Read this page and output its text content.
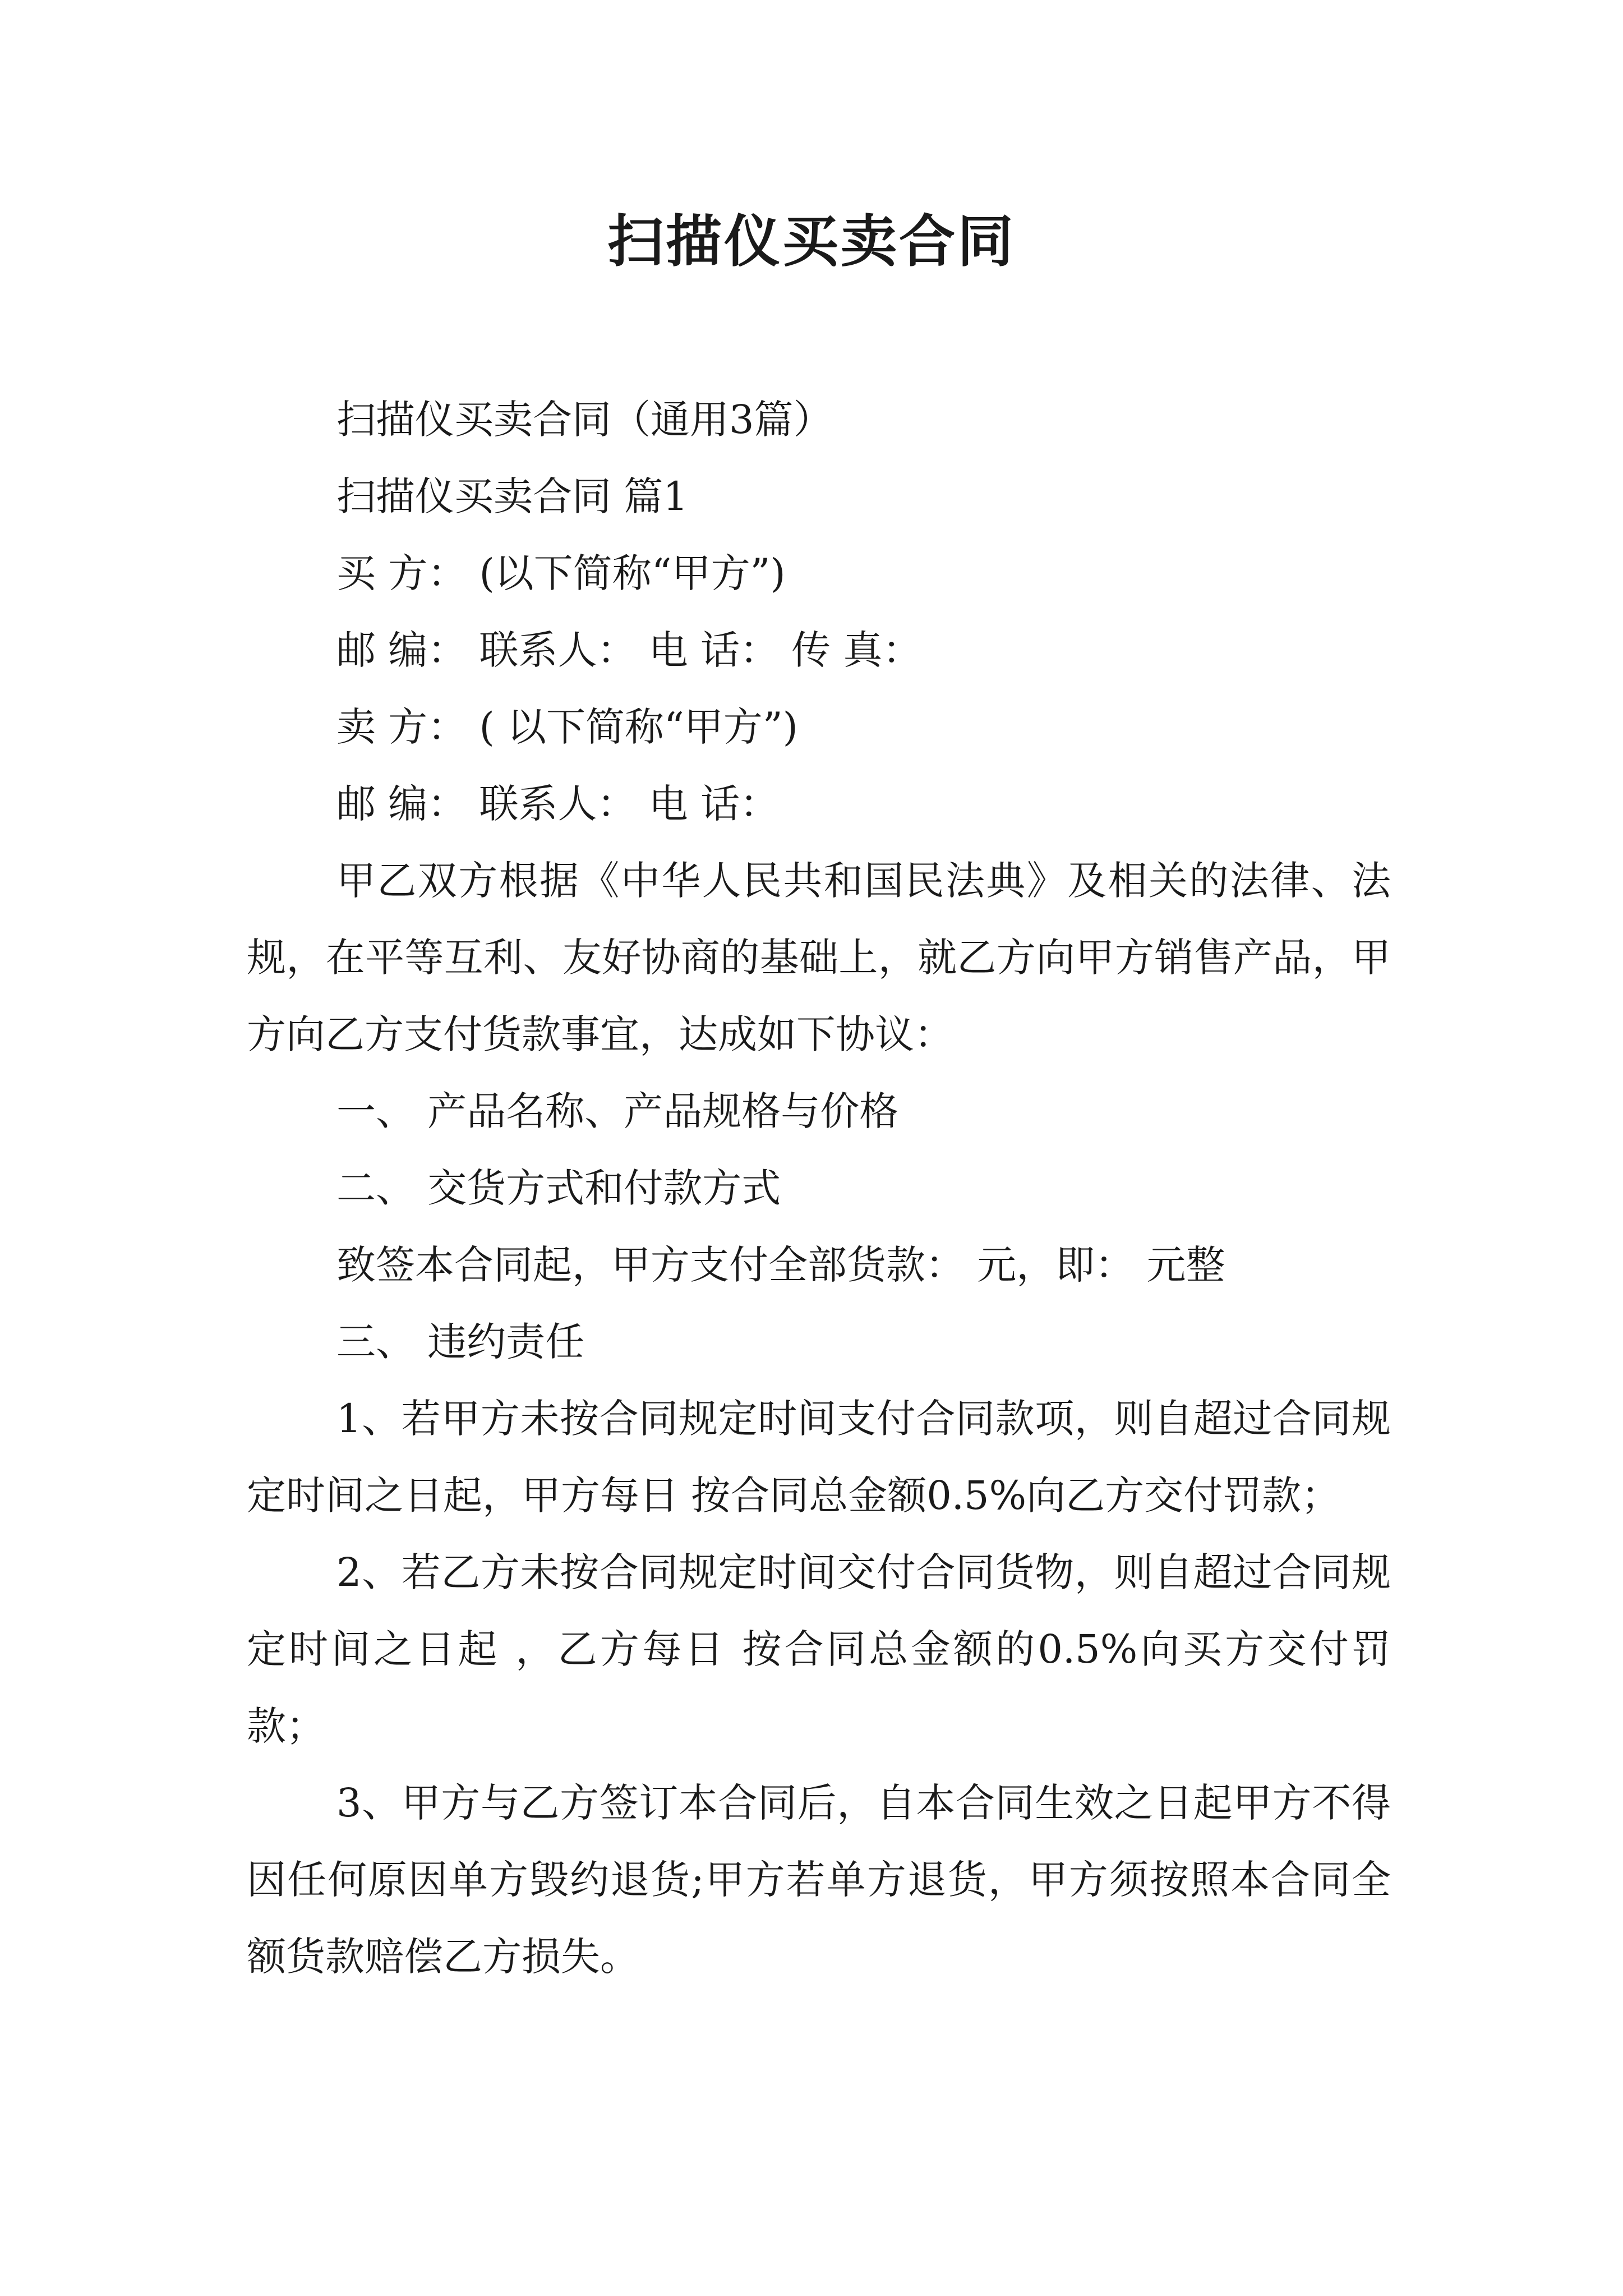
扫描仪买卖合同

扫描仪买卖合同（通用3篇）

扫描仪买卖合同 篇1

买 方： (以下简称“甲方”)

邮 编： 联系人： 电 话： 传 真：

卖 方： ( 以下简称“甲方”)

邮 编： 联系人： 电 话：

甲乙双方根据《中华人民共和国民法典》及相关的法律、法规，在平等互利、友好协商的基础上，就乙方向甲方销售产品，甲方向乙方支付货款事宜，达成如下协议：

一、 产品名称、产品规格与价格

二、 交货方式和付款方式

致签本合同起，甲方支付全部货款： 元，即： 元整

三、 违约责任

1、若甲方未按合同规定时间支付合同款项，则自超过合同规定时间之日起，甲方每日 按合同总金额0.5%向乙方交付罚款；

2、若乙方未按合同规定时间交付合同货物，则自超过合同规定时间之日起 ，乙方每日 按合同总金额的0.5%向买方交付罚款；

3、甲方与乙方签订本合同后，自本合同生效之日起甲方不得因任何原因单方毁约退货;甲方若单方退货，甲方须按照本合同全额货款赔偿乙方损失。
